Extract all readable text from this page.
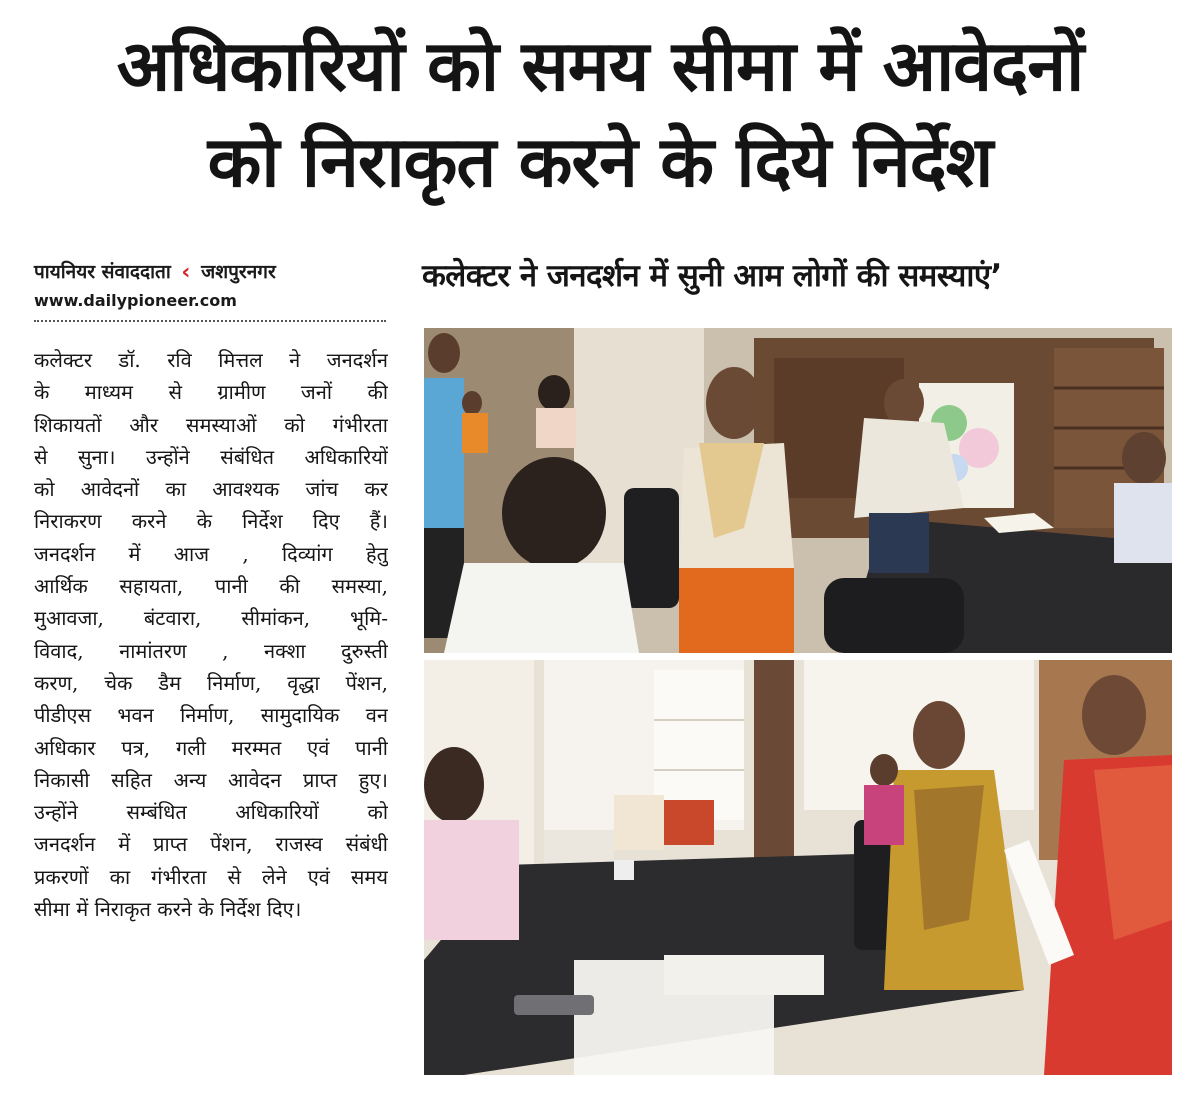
अधिकारियों को समय सीमा में आवेदनों
को निराकृत करने के दिये निर्देश
पायनियर संवाददाता ‹ जशपुरनगर
www.dailypioneer.com
कलेक्टर ने जनदर्शन में सुनी आम लोगों की समस्याएं’
कलेक्टर डॉ. रवि मित्तल ने जनदर्शन
के माध्यम से ग्रामीण जनों की
शिकायतों और समस्याओं को गंभीरता
से सुना। उन्होंने संबंधित अधिकारियों
को आवेदनों का आवश्यक जांच कर
निराकरण करने के निर्देश दिए हैं।
जनदर्शन में आज , दिव्यांग हेतु
आर्थिक सहायता, पानी की समस्या,
मुआवजा, बंटवारा, सीमांकन, भूमि-
विवाद, नामांतरण , नक्शा दुरुस्ती
करण, चेक डैम निर्माण, वृद्धा पेंशन,
पीडीएस भवन निर्माण, सामुदायिक वन
अधिकार पत्र, गली मरम्मत एवं पानी
निकासी सहित अन्य आवेदन प्राप्त हुए।
उन्होंने सम्बंधित अधिकारियों को
जनदर्शन में प्राप्त पेंशन, राजस्व संबंधी
प्रकरणों का गंभीरता से लेने एवं समय
सीमा में निराकृत करने के निर्देश दिए।
